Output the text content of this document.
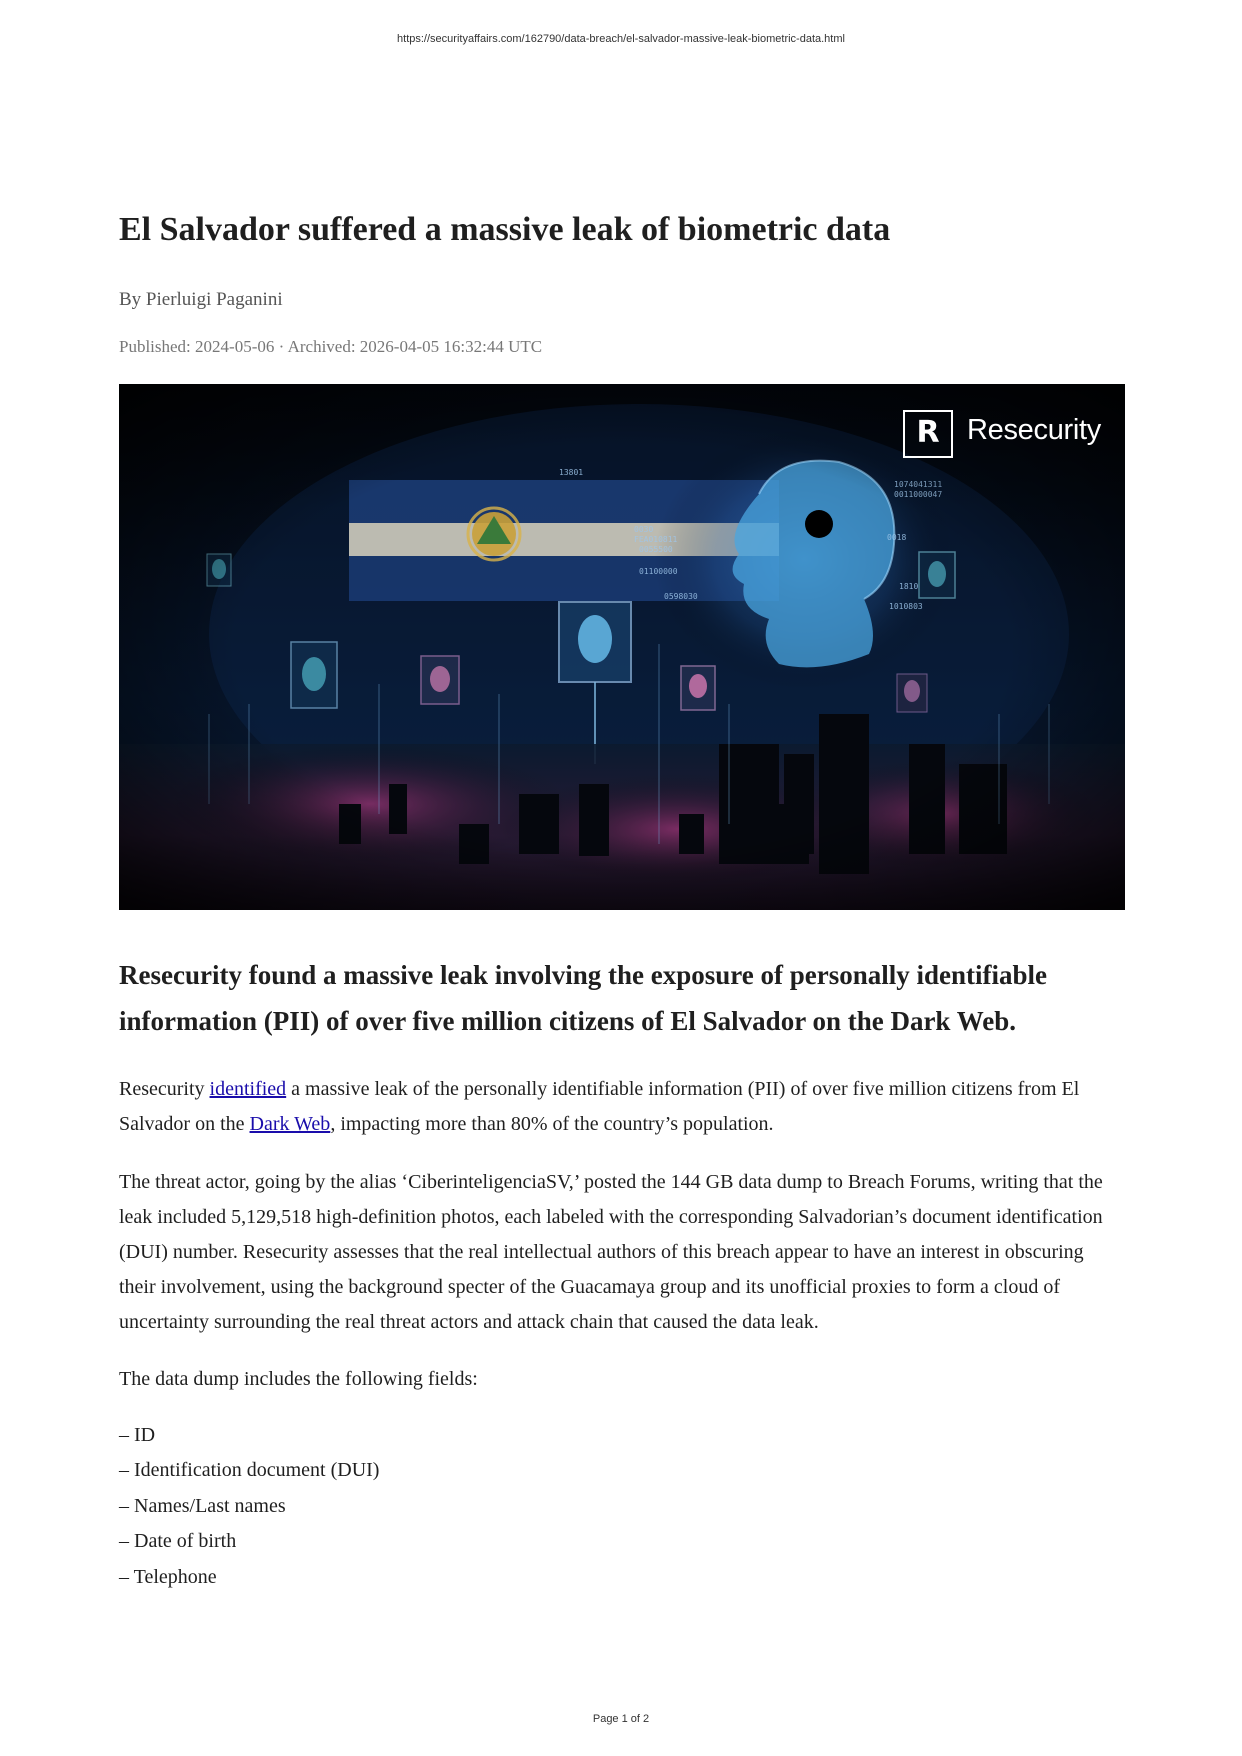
https://securityaffairs.com/162790/data-breach/el-salvador-massive-leak-biometric-data.html
El Salvador suffered a massive leak of biometric data
By Pierluigi Paganini
Published: 2024-05-06 · Archived: 2026-04-05 16:32:44 UTC
R Resecurity
Resecurity found a massive leak involving the exposure of personally identifiable information (PII) of over five million citizens of El Salvador on the Dark Web.

Resecurity identified a massive leak of the personally identifiable information (PII) of over five million citizens from El Salvador on the Dark Web, impacting more than 80% of the country’s population.

The threat actor, going by the alias ‘CiberinteligenciaSV,’ posted the 144 GB data dump to Breach Forums, writing that the leak included 5,129,518 high-definition photos, each labeled with the corresponding Salvadorian’s document identification (DUI) number. Resecurity assesses that the real intellectual authors of this breach appear to have an interest in obscuring their involvement, using the background specter of the Guacamaya group and its unofficial proxies to form a cloud of uncertainty surrounding the real threat actors and attack chain that caused the data leak.

The data dump includes the following fields:

– ID
– Identification document (DUI)
– Names/Last names
– Date of birth
– Telephone
Page 1 of 2
